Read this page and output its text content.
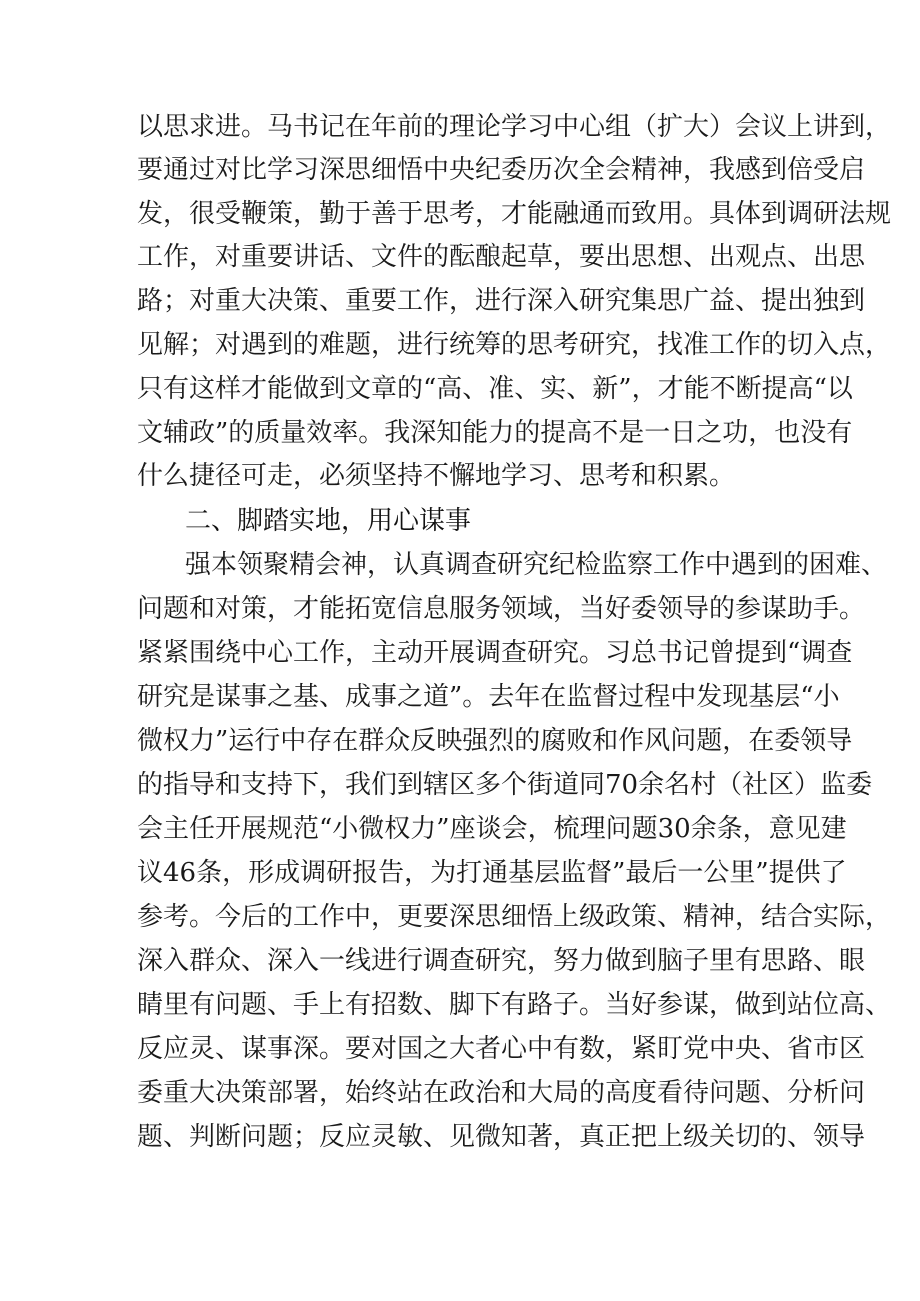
以思求进。马书记在年前的理论学习中心组（扩大）会议上讲到，
要通过对比学习深思细悟中央纪委历次全会精神，我感到倍受启
发，很受鞭策，勤于善于思考，才能融通而致用。具体到调研法规
工作，对重要讲话、文件的酝酿起草，要出思想、出观点、出思
路；对重大决策、重要工作，进行深入研究集思广益、提出独到
见解；对遇到的难题，进行统筹的思考研究，找准工作的切入点，
只有这样才能做到文章的“高、准、实、新”，才能不断提高“以
文辅政”的质量效率。我深知能力的提高不是一日之功，也没有
什么捷径可走，必须坚持不懈地学习、思考和积累。
二、脚踏实地，用心谋事
强本领聚精会神，认真调查研究纪检监察工作中遇到的困难、
问题和对策，才能拓宽信息服务领域，当好委领导的参谋助手。
紧紧围绕中心工作，主动开展调查研究。习总书记曾提到“调查
研究是谋事之基、成事之道”。去年在监督过程中发现基层“小
微权力”运行中存在群众反映强烈的腐败和作风问题，在委领导
的指导和支持下，我们到辖区多个街道同70余名村（社区）监委
会主任开展规范“小微权力”座谈会，梳理问题30余条，意见建
议46条，形成调研报告，为打通基层监督”最后一公里”提供了
参考。今后的工作中，更要深思细悟上级政策、精神，结合实际，
深入群众、深入一线进行调查研究，努力做到脑子里有思路、眼
睛里有问题、手上有招数、脚下有路子。当好参谋，做到站位高、
反应灵、谋事深。要对国之大者心中有数，紧盯党中央、省市区
委重大决策部署，始终站在政治和大局的高度看待问题、分析问
题、判断问题；反应灵敏、见微知著，真正把上级关切的、领导
